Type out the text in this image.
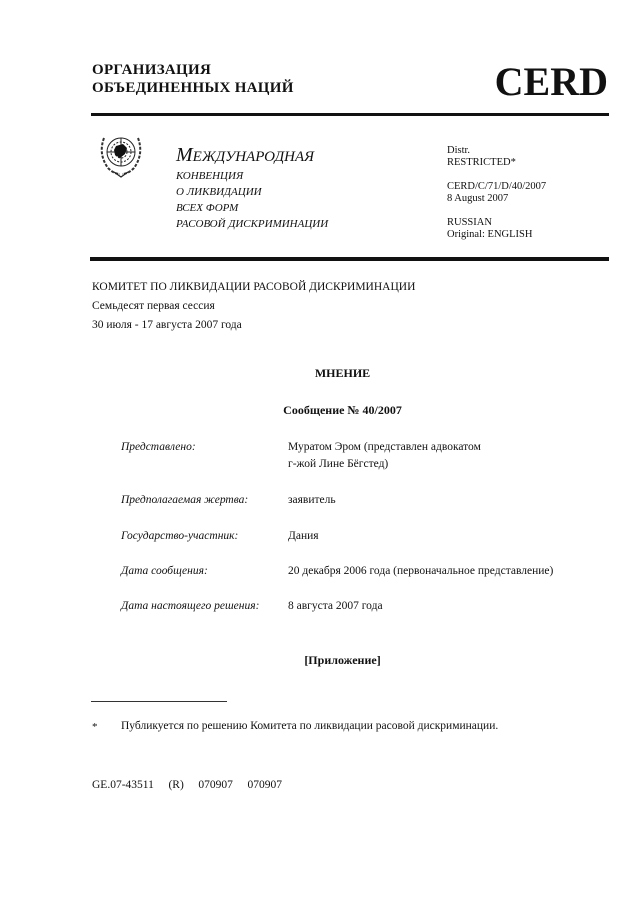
ОРГАНИЗАЦИЯ
ОБЪЕДИНЕННЫХ НАЦИЙ	CERD
МЕЖДУНАРОДНАЯ
КОНВЕНЦИЯ
О ЛИКВИДАЦИИ
ВСЕХ ФОРМ
РАСОВОЙ ДИСКРИМИНАЦИИ
Distr.
RESTRICTED*
CERD/C/71/D/40/2007
8 August 2007
RUSSIAN
Original: ENGLISH
КОМИТЕТ ПО ЛИКВИДАЦИИ РАСОВОЙ ДИСКРИМИНАЦИИ
Семьдесят первая сессия
30 июля - 17 августа 2007 года
МНЕНИЕ
Сообщение № 40/2007
Представлено:	Муратом Эром (представлен адвокатом
г-жой Лине Бёгстед)
Предполагаемая жертва:	заявитель
Государство-участник:	Дания
Дата сообщения:	20 декабря 2006 года (первоначальное представление)
Дата настоящего решения: 8 августа 2007 года
[Приложение]
* Публикуется по решению Комитета по ликвидации расовой дискриминации.
GE.07-43511   (R)   070907   070907
